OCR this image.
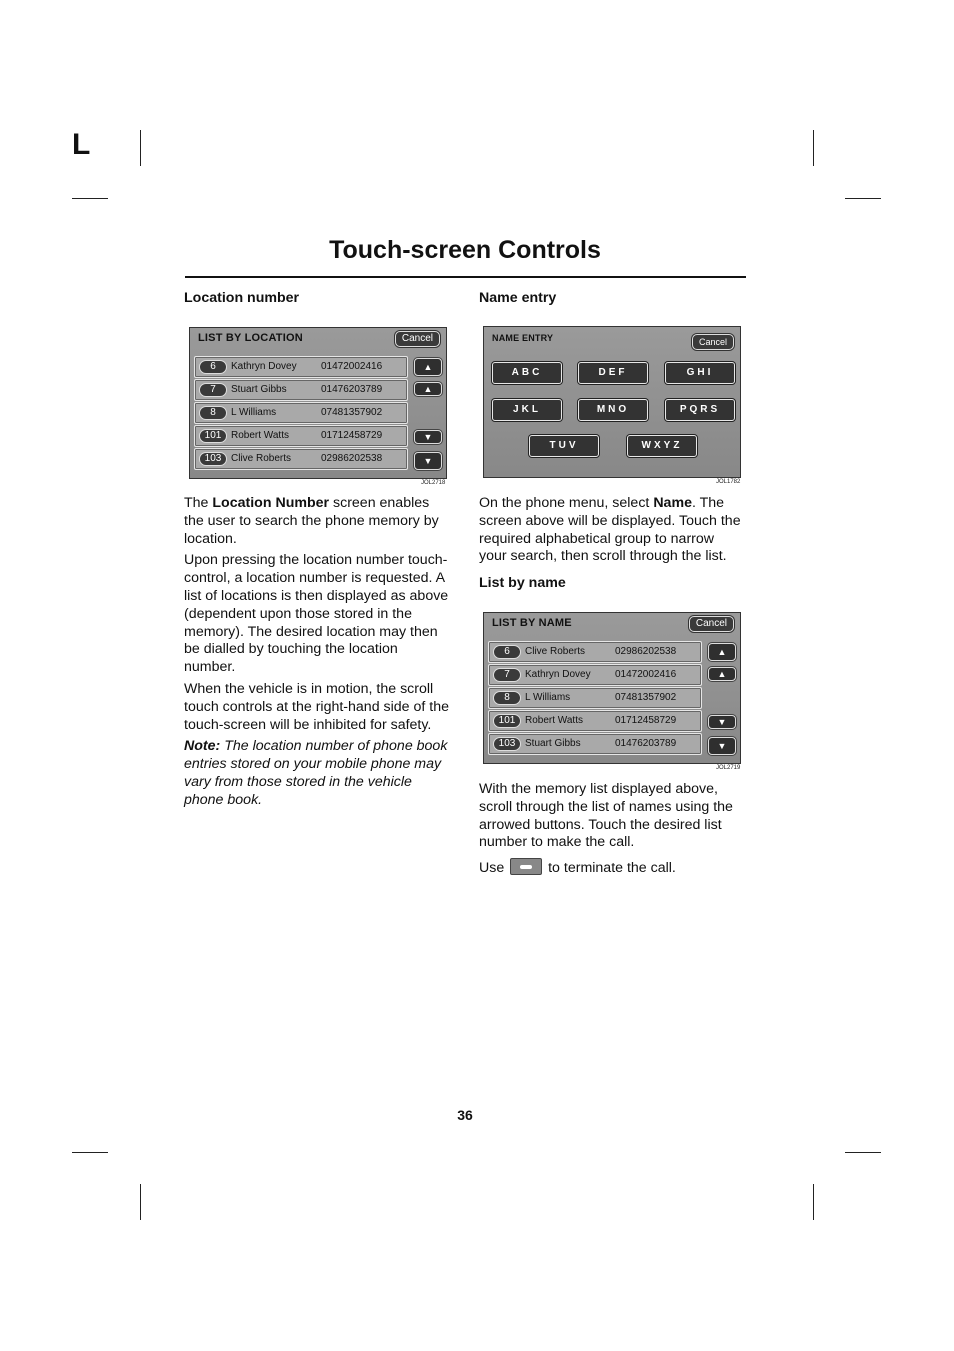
L
Touch-screen Controls

Location number

LIST BY LOCATION	Cancel
6	Kathryn Dovey 01472002416
7	Stuart Gibbs	01476203789
8	L Williams	07481357902
101 Robert Watts	01712458729
103 Clive Roberts	02986202538
▲
▲
▼
▼
JOL2718

The Location Number screen enables the user to search the phone memory by location.

Upon pressing the location number touch-control, a location number is requested. A list of locations is then displayed as above (dependent upon those stored in the memory). The desired location may then be dialled by touching the location number.

When the vehicle is in motion, the scroll touch controls at the right-hand side of the touch-screen will be inhibited for safety.

Note: The location number of phone book entries stored on your mobile phone may vary from those stored in the vehicle phone book.

Name entry

NAME ENTRY	Cancel
ABC	DEF	GHI
JKL	MNO	PQRS
TUV	WXYZ
JOL1782

On the phone menu, select Name. The screen above will be displayed. Touch the required alphabetical group to narrow your search, then scroll through the list.

List by name

LIST BY NAME	Cancel
6	Clive Roberts	02986202538
7	Kathryn Dovey 01472002416
8	L Williams	07481357902
101 Robert Watts	01712458729
103 Stuart Gibbs	01476203789
▲
▲
▼
▼
JOL2719

With the memory list displayed above, scroll through the list of names using the arrowed buttons. Touch the desired list number to make the call.

Use	to terminate the call.

36
